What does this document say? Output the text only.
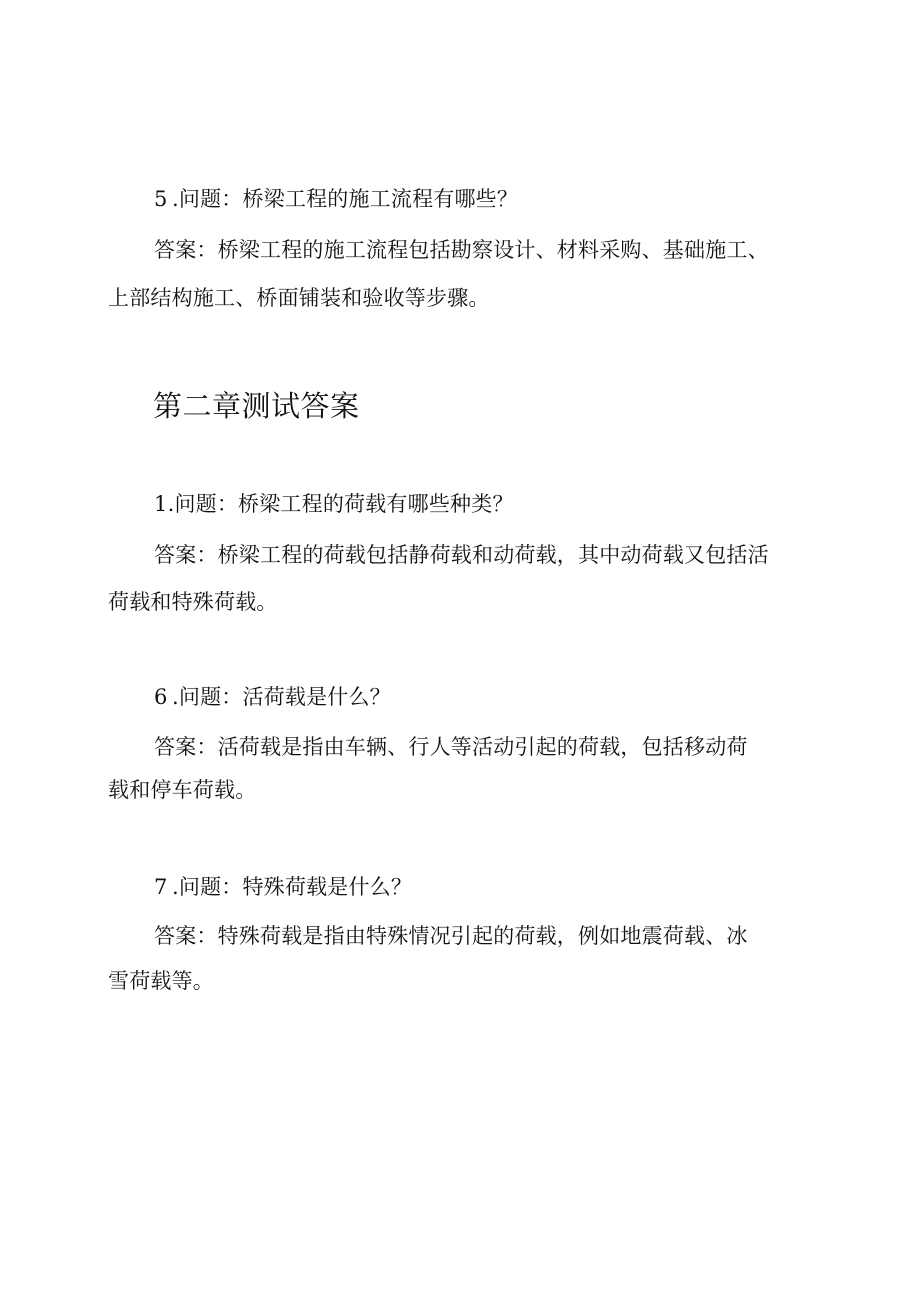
5 .问题：桥梁工程的施工流程有哪些？
答案：桥梁工程的施工流程包括勘察设计、材料采购、基础施工、
上部结构施工、桥面铺装和验收等步骤。
第二章测试答案
1.问题：桥梁工程的荷载有哪些种类？
答案：桥梁工程的荷载包括静荷载和动荷载，其中动荷载又包括活
荷载和特殊荷载。
6 .问题：活荷载是什么？
答案：活荷载是指由车辆、行人等活动引起的荷载，包括移动荷
载和停车荷载。
7 .问题：特殊荷载是什么？
答案：特殊荷载是指由特殊情况引起的荷载，例如地震荷载、冰
雪荷载等。
